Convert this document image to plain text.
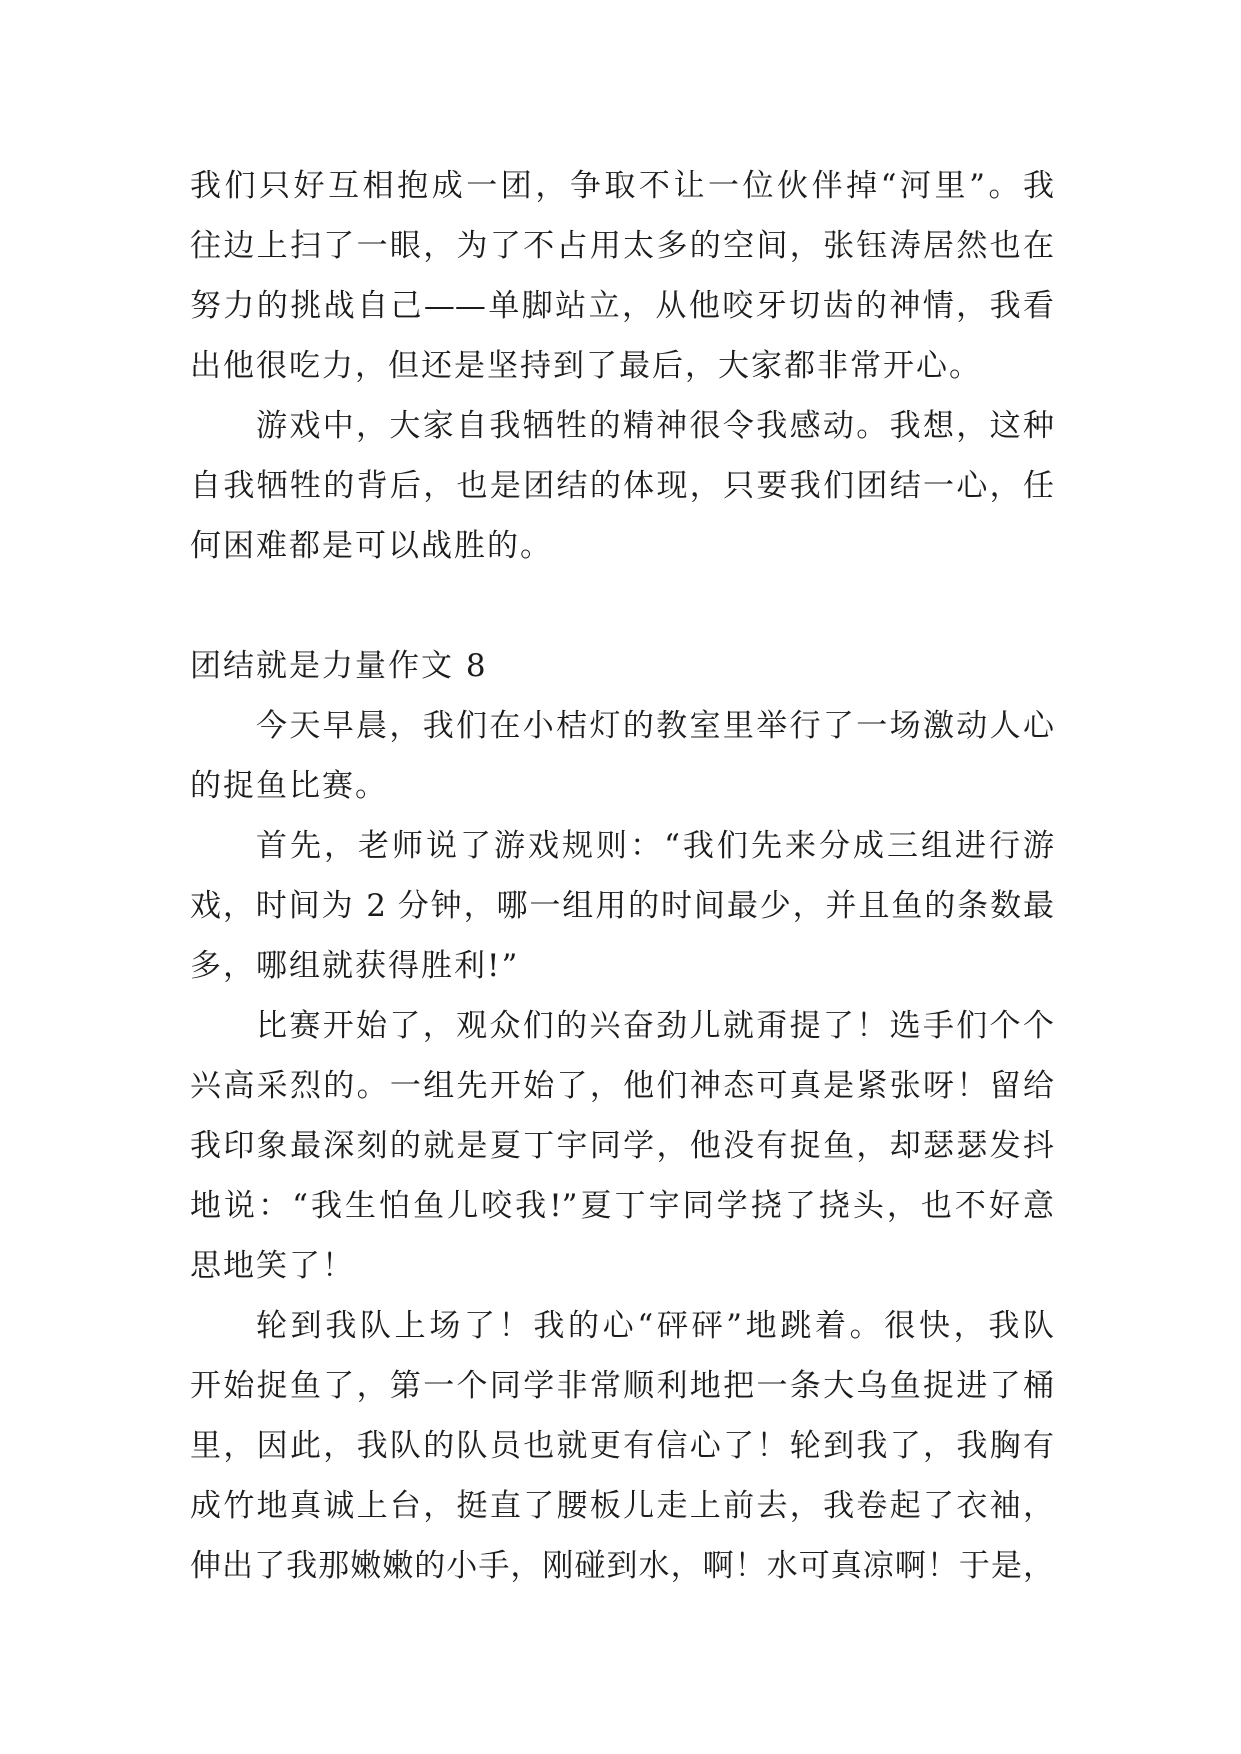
我们只好互相抱成一团，争取不让一位伙伴掉“河里”。我
往边上扫了一眼，为了不占用太多的空间，张钰涛居然也在
努力的挑战自己——单脚站立，从他咬牙切齿的神情，我看
出他很吃力，但还是坚持到了最后，大家都非常开心。
游戏中，大家自我牺牲的精神很令我感动。我想，这种
自我牺牲的背后，也是团结的体现，只要我们团结一心，任
何困难都是可以战胜的。
团结就是力量作文 8
今天早晨，我们在小桔灯的教室里举行了一场激动人心
的捉鱼比赛。
首先，老师说了游戏规则：“我们先来分成三组进行游
戏，时间为 2 分钟，哪一组用的时间最少，并且鱼的条数最
多，哪组就获得胜利!”
比赛开始了，观众们的兴奋劲儿就甭提了！选手们个个
兴高采烈的。一组先开始了，他们神态可真是紧张呀！留给
我印象最深刻的就是夏丁宇同学，他没有捉鱼，却瑟瑟发抖
地说：“我生怕鱼儿咬我!”夏丁宇同学挠了挠头，也不好意
思地笑了！
轮到我队上场了！我的心“砰砰”地跳着。很快，我队
开始捉鱼了，第一个同学非常顺利地把一条大乌鱼捉进了桶
里，因此，我队的队员也就更有信心了！轮到我了，我胸有
成竹地真诚上台，挺直了腰板儿走上前去，我卷起了衣袖，
伸出了我那嫩嫩的小手，刚碰到水，啊！水可真凉啊！于是，
